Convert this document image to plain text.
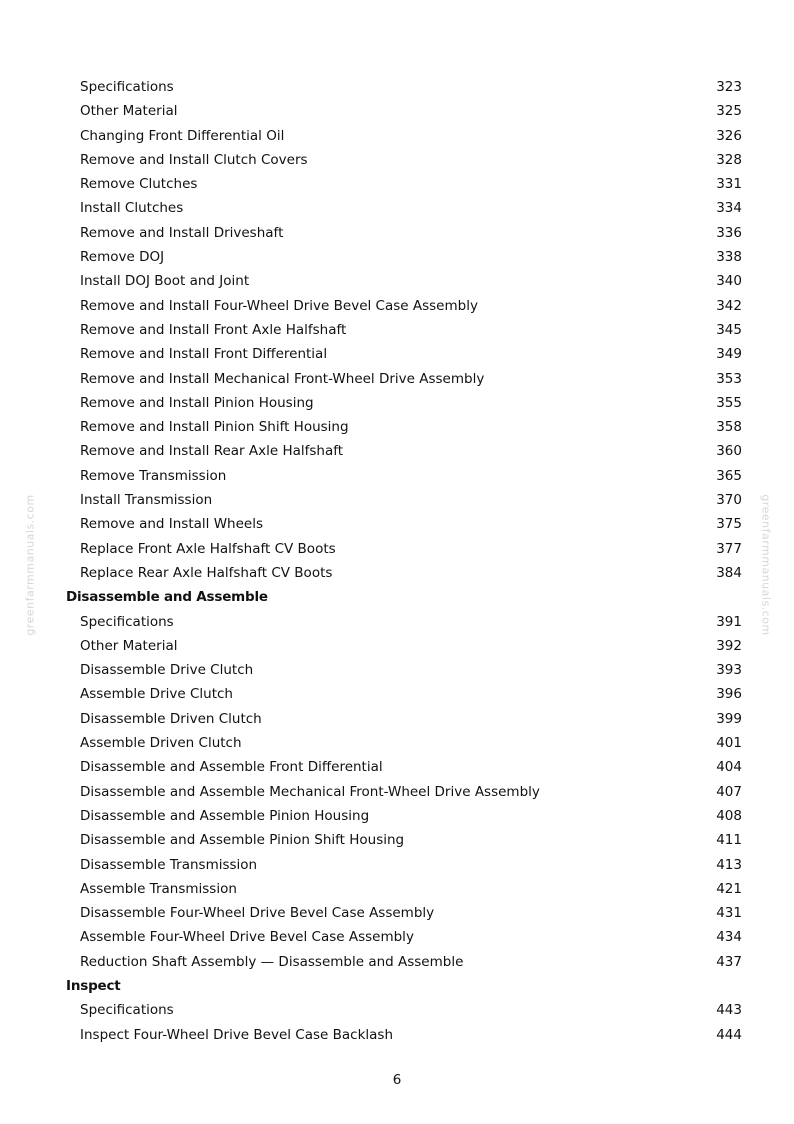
greenfarmmanuals.com	greenfarmmanuals.com
Specifications	323
Other Material	325
Changing Front Differential Oil	326
Remove and Install Clutch Covers	328
Remove Clutches	331
Install Clutches	334
Remove and Install Driveshaft	336
Remove DOJ	338
Install DOJ Boot and Joint	340
Remove and Install Four-Wheel Drive Bevel Case Assembly	342
Remove and Install Front Axle Halfshaft	345
Remove and Install Front Differential	349
Remove and Install Mechanical Front-Wheel Drive Assembly	353
Remove and Install Pinion Housing	355
Remove and Install Pinion Shift Housing	358
Remove and Install Rear Axle Halfshaft	360
Remove Transmission	365
Install Transmission	370
Remove and Install Wheels	375
Replace Front Axle Halfshaft CV Boots	377
Replace Rear Axle Halfshaft CV Boots	384
Disassemble and Assemble
Specifications	391
Other Material	392
Disassemble Drive Clutch	393
Assemble Drive Clutch	396
Disassemble Driven Clutch	399
Assemble Driven Clutch	401
Disassemble and Assemble Front Differential	404
Disassemble and Assemble Mechanical Front-Wheel Drive Assembly	407
Disassemble and Assemble Pinion Housing	408
Disassemble and Assemble Pinion Shift Housing	411
Disassemble Transmission	413
Assemble Transmission	421
Disassemble Four-Wheel Drive Bevel Case Assembly	431
Assemble Four-Wheel Drive Bevel Case Assembly	434
Reduction Shaft Assembly — Disassemble and Assemble	437
Inspect
Specifications	443
Inspect Four-Wheel Drive Bevel Case Backlash	444
6
